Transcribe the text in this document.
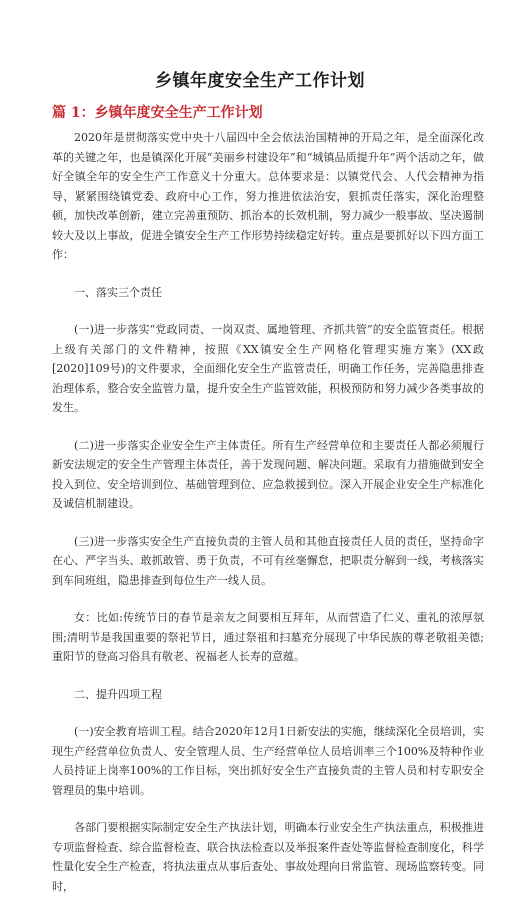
乡镇年度安全生产工作计划
篇 1：乡镇年度安全生产工作计划

2020年是贯彻落实党中央十八届四中全会依法治国精神的开局之年，是全面深化改革的关键之年，也是镇深化开展“美丽乡村建设年”和“城镇品质提升年”两个活动之年，做好全镇全年的安全生产工作意义十分重大。总体要求是：以镇党代会、人代会精神为指导，紧紧围绕镇党委、政府中心工作，努力推进依法治安，狠抓责任落实，深化治理整顿，加快改革创新，建立完善重预防、抓治本的长效机制，努力减少一般事故、坚决遏制较大及以上事故，促进全镇安全生产工作形势持续稳定好转。重点是要抓好以下四方面工作：

一、落实三个责任

(一)进一步落实“党政同责、一岗双责、属地管理、齐抓共管”的安全监管责任。根据上级有关部门的文件精神，按照《XX镇安全生产网格化管理实施方案》(XX政[2020]109号)的文件要求，全面细化安全生产监管责任，明确工作任务，完善隐患排查治理体系，整合安全监管力量，提升安全生产监管效能，积极预防和努力减少各类事故的发生。

(二)进一步落实企业安全生产主体责任。所有生产经营单位和主要责任人都必须履行新安法规定的安全生产管理主体责任，善于发现问题、解决问题。采取有力措施做到安全投入到位、安全培训到位、基础管理到位、应急救援到位。深入开展企业安全生产标准化及诚信机制建设。

(三)进一步落实安全生产直接负责的主管人员和其他直接责任人员的责任，坚持命字在心、严字当头、敢抓敢管、勇于负责，不可有丝毫懈怠，把职责分解到一线，考核落实到车间班组，隐患排查到每位生产一线人员。

女：比如:传统节日的春节是亲友之间要相互拜年，从而营造了仁义、重礼的浓厚氛围;清明节是我国重要的祭祀节日，通过祭祖和扫墓充分展现了中华民族的尊老敬祖美德;重阳节的登高习俗具有敬老、祝福老人长寿的意蕴。

二、提升四项工程

(一)安全教育培训工程。结合2020年12月1日新安法的实施，继续深化全员培训，实现生产经营单位负责人、安全管理人员、生产经营单位人员培训率三个100%及特种作业人员持证上岗率100%的工作目标，突出抓好安全生产直接负责的主管人员和村专职安全管理员的集中培训。

各部门要根据实际制定安全生产执法计划，明确本行业安全生产执法重点，积极推进专项监督检查、综合监督检查、联合执法检查以及举报案件查处等监督检查制度化，科学性量化安全生产检查，将执法重点从事后查处、事故处理向日常监管、现场监察转变。同时，
